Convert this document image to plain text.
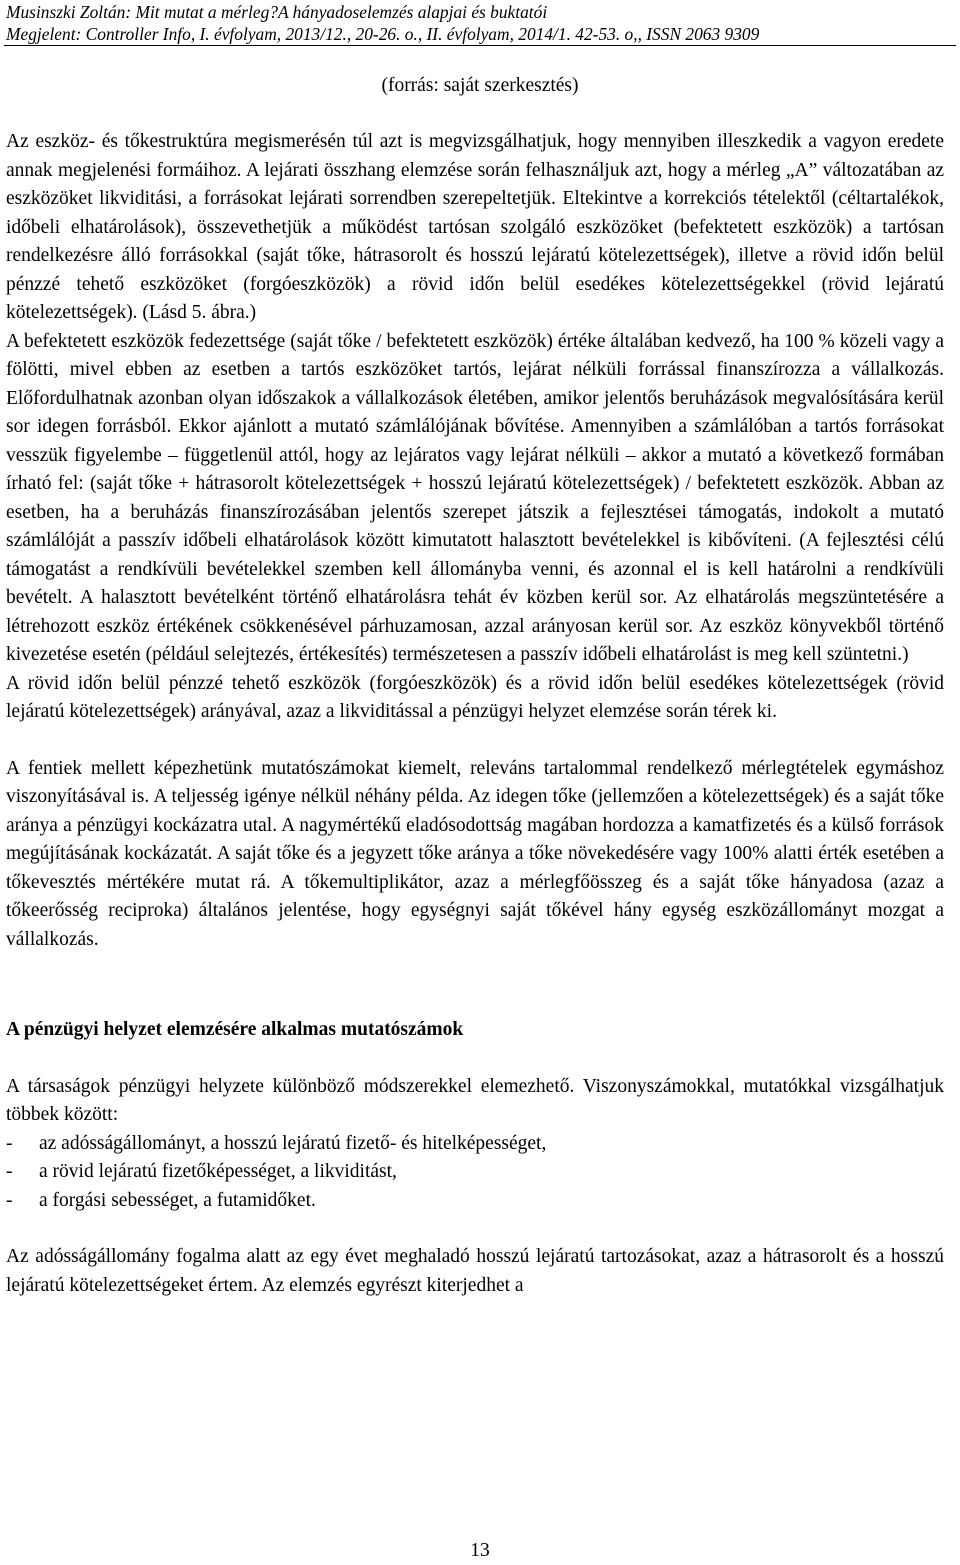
Musinszki Zoltán: Mit mutat a mérleg?A hányadoselemzés alapjai és buktatói
Megjelent: Controller Info, I. évfolyam, 2013/12., 20-26. o., II. évfolyam, 2014/1. 42-53. o,, ISSN 2063 9309
(forrás: saját szerkesztés)

Az eszköz- és tőkestruktúra megismerésén túl azt is megvizsgálhatjuk, hogy mennyiben illeszkedik a vagyon eredete annak megjelenési formáihoz. A lejárati összhang elemzése során felhasználjuk azt, hogy a mérleg „A” változatában az eszközöket likviditási, a forrásokat lejárati sorrendben szerepeltetjük. Eltekintve a korrekciós tételektől (céltartalékok, időbeli elhatárolások), összevethetjük a működést tartósan szolgáló eszközöket (befektetett eszközök) a tartósan rendelkezésre álló forrásokkal (saját tőke, hátrasorolt és hosszú lejáratú kötelezettségek), illetve a rövid időn belül pénzzé tehető eszközöket (forgóeszközök) a rövid időn belül esedékes kötelezettségekkel (rövid lejáratú kötelezettségek). (Lásd 5. ábra.)

A befektetett eszközök fedezettsége (saját tőke / befektetett eszközök) értéke általában kedvező, ha 100 % közeli vagy a fölötti, mivel ebben az esetben a tartós eszközöket tartós, lejárat nélküli forrással finanszírozza a vállalkozás. Előfordulhatnak azonban olyan időszakok a vállalkozások életében, amikor jelentős beruházások megvalósítására kerül sor idegen forrásból. Ekkor ajánlott a mutató számlálójának bővítése. Amennyiben a számlálóban a tartós forrásokat vesszük figyelembe – függetlenül attól, hogy az lejáratos vagy lejárat nélküli – akkor a mutató a következő formában írható fel: (saját tőke + hátrasorolt kötelezettségek + hosszú lejáratú kötelezettségek) / befektetett eszközök. Abban az esetben, ha a beruházás finanszírozásában jelentős szerepet játszik a fejlesztései támogatás, indokolt a mutató számlálóját a passzív időbeli elhatárolások között kimutatott halasztott bevételekkel is kibővíteni. (A fejlesztési célú támogatást a rendkívüli bevételekkel szemben kell állományba venni, és azonnal el is kell határolni a rendkívüli bevételt. A halasztott bevételként történő elhatárolásra tehát év közben kerül sor. Az elhatárolás megszüntetésére a létrehozott eszköz értékének csökkenésével párhuzamosan, azzal arányosan kerül sor. Az eszköz könyvekből történő kivezetése esetén (például selejtezés, értékesítés) természetesen a passzív időbeli elhatárolást is meg kell szüntetni.)

A rövid időn belül pénzzé tehető eszközök (forgóeszközök) és a rövid időn belül esedékes kötelezettségek (rövid lejáratú kötelezettségek) arányával, azaz a likviditással a pénzügyi helyzet elemzése során térek ki.

A fentiek mellett képezhetünk mutatószámokat kiemelt, releváns tartalommal rendelkező mérlegtételek egymáshoz viszonyításával is. A teljesség igénye nélkül néhány példa. Az idegen tőke (jellemzően a kötelezettségek) és a saját tőke aránya a pénzügyi kockázatra utal. A nagymértékű eladósodottság magában hordozza a kamatfizetés és a külső források megújításának kockázatát. A saját tőke és a jegyzett tőke aránya a tőke növekedésére vagy 100% alatti érték esetében a tőkevesztés mértékére mutat rá. A tőkemultiplikátor, azaz a mérlegfőösszeg és a saját tőke hányadosa (azaz a tőkeerősség reciproka) általános jelentése, hogy egységnyi saját tőkével hány egység eszközállományt mozgat a vállalkozás.

A pénzügyi helyzet elemzésére alkalmas mutatószámok

A társaságok pénzügyi helyzete különböző módszerekkel elemezhető. Viszonyszámokkal, mutatókkal vizsgálhatjuk többek között:

- az adósságállományt, a hosszú lejáratú fizető- és hitelképességet,
- a rövid lejáratú fizetőképességet, a likviditást,
- a forgási sebességet, a futamidőket.

Az adósságállomány fogalma alatt az egy évet meghaladó hosszú lejáratú tartozásokat, azaz a hátrasorolt és a hosszú lejáratú kötelezettségeket értem. Az elemzés egyrészt kiterjedhet a

13
